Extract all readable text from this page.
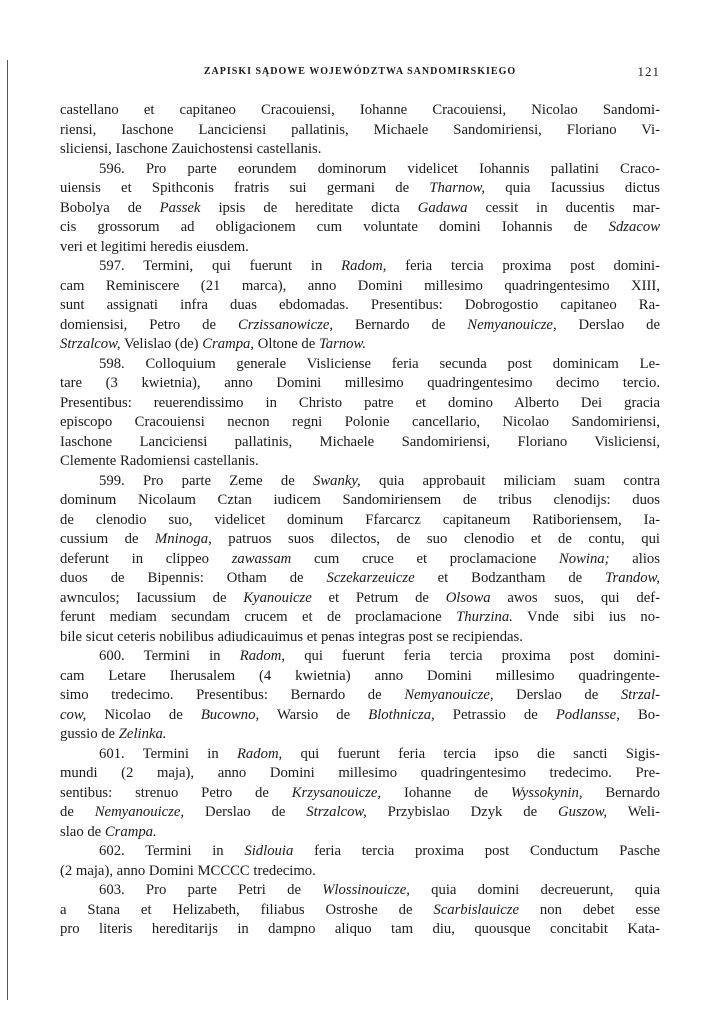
ZAPISKI SĄDOWE WOJEWÓDZTWA SANDOMIRSKIEGO	121
castellano et capitaneo Cracouiensi, Iohanne Cracouiensi, Nicolao Sandomi-
riensi, Iaschone Lanciciensi pallatinis, Michaele Sandomiriensi, Floriano Vi-
sliciensi, Iaschone Zauichostensi castellanis.
596. Pro parte eorundem dominorum videlicet Iohannis pallatini Craco-
uiensis et Spithconis fratris sui germani de Tharnow, quia Iacussius dictus
Bobolya de Passek ipsis de hereditate dicta Gadawa cessit in ducentis mar-
cis grossorum ad obligacionem cum voluntate domini Iohannis de Sdzacow
veri et legitimi heredis eiusdem.
597. Termini, qui fuerunt in Radom, feria tercia proxima post domini-
cam Reminiscere (21 marca), anno Domini millesimo quadringentesimo XIII,
sunt assignati infra duas ebdomadas. Presentibus: Dobrogostio capitaneo Ra-
domiensisi, Petro de Crzissanowicze, Bernardo de Nemyanouicze, Derslao de
Strzalcow, Velislao (de) Crampa, Oltone de Tarnow.
598. Colloquium generale Visliciense feria secunda post dominicam Le-
tare (3 kwietnia), anno Domini millesimo quadringentesimo decimo tercio.
Presentibus: reuerendissimo in Christo patre et domino Alberto Dei gracia
episcopo Cracouiensi necnon regni Polonie cancellario, Nicolao Sandomiriensi,
Iaschone Lanciciensi pallatinis, Michaele Sandomiriensi, Floriano Visliciensi,
Clemente Radomiensi castellanis.
599. Pro parte Zeme de Swanky, quia approbauit miliciam suam contra
dominum Nicolaum Cztan iudicem Sandomiriensem de tribus clenodijs: duos
de clenodio suo, videlicet dominum Ffarcarcz capitaneum Ratiboriensem, Ia-
cussium de Mninoga, patruos suos dilectos, de suo clenodio et de contu, qui
deferunt in clippeo zawassam cum cruce et proclamacione Nowina; alios
duos de Bipennis: Otham de Sczekarzeuicze et Bodzantham de Trandow,
awnculos; Iacussium de Kyanouicze et Petrum de Olsowa awos suos, qui def-
ferunt mediam secundam crucem et de proclamacione Thurzina. Vnde sibi ius no-
bile sicut ceteris nobilibus adiudicauimus et penas integras post se recipiendas.
600. Termini in Radom, qui fuerunt feria tercia proxima post domini-
cam Letare Iherusalem (4 kwietnia) anno Domini millesimo quadringente-
simo tredecimo. Presentibus: Bernardo de Nemyanouicze, Derslao de Strzal-
cow, Nicolao de Bucowno, Warsio de Blothnicza, Petrassio de Podlansse, Bo-
gussio de Zelinka.
601. Termini in Radom, qui fuerunt feria tercia ipso die sancti Sigis-
mundi (2 maja), anno Domini millesimo quadringentesimo tredecimo. Pre-
sentibus: strenuo Petro de Krzysanouicze, Iohanne de Wyssokynin, Bernardo
de Nemyanouicze, Derslao de Strzalcow, Przybislao Dzyk de Guszow, Weli-
slao de Crampa.
602. Termini in Sidlouia feria tercia proxima post Conductum Pasche
(2 maja), anno Domini MCCCC tredecimo.
603. Pro parte Petri de Wlossinouicze, quia domini decreuerunt, quia
a Stana et Helizabeth, filiabus Ostroshe de Scarbislauicze non debet esse
pro literis hereditarijs in dampno aliquo tam diu, quousque concitabit Kata-
